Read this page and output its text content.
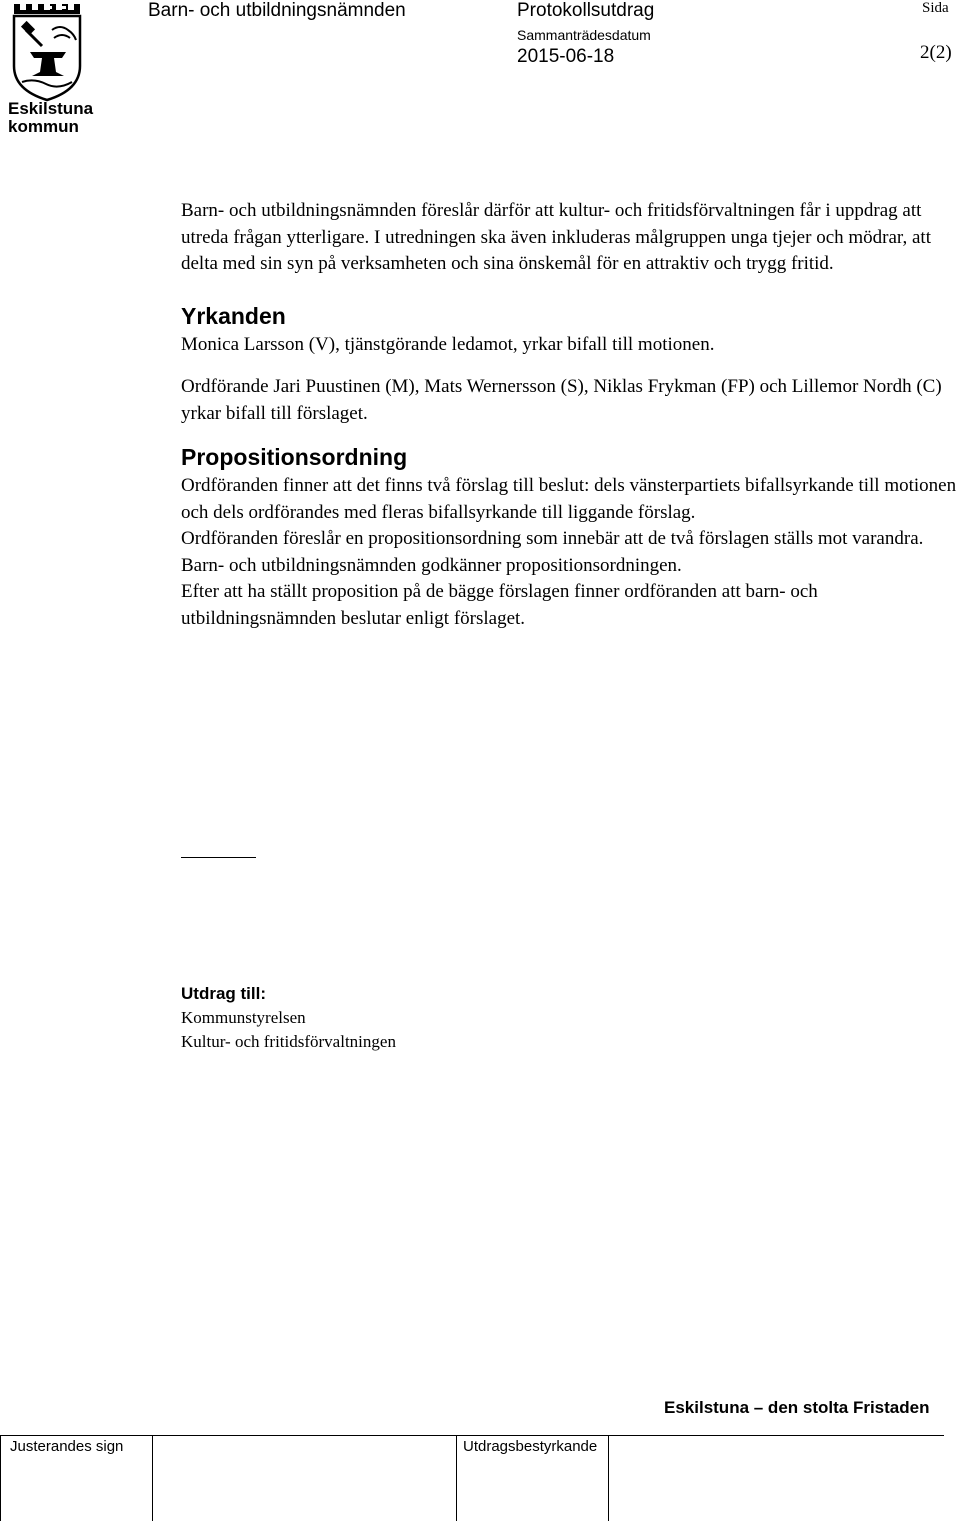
Eskilstuna
kommun
Barn- och utbildningsnämnden	Protokollsutdrag
Sammanträdesdatum
2015-06-18
Sida
2(2)

Barn- och utbildningsnämnden föreslår därför att kultur- och fritidsförvaltningen får i uppdrag att utreda frågan ytterligare. I utredningen ska även inkluderas målgruppen unga tjejer och mödrar, att delta med sin syn på verksamheten och sina önskemål för en attraktiv och trygg fritid.

Yrkanden

Monica Larsson (V), tjänstgörande ledamot, yrkar bifall till motionen.

Ordförande Jari Puustinen (M), Mats Wernersson (S), Niklas Frykman (FP) och Lillemor Nordh (C) yrkar bifall till förslaget.

Propositionsordning

Ordföranden finner att det finns två förslag till beslut: dels vänsterpartiets bifallsyrkande till motionen och dels ordförandes med fleras bifallsyrkande till liggande förslag.

Ordföranden föreslår en propositionsordning som innebär att de två förslagen ställs mot varandra. Barn- och utbildningsnämnden godkänner propositionsordningen.

Efter att ha ställt proposition på de bägge förslagen finner ordföranden att barn- och utbildningsnämnden beslutar enligt förslaget.

Utdrag till:

Kommunstyrelsen

Kultur- och fritidsförvaltningen

Eskilstuna – den stolta Fristaden
Justerandes sign	Utdragsbestyrkande
